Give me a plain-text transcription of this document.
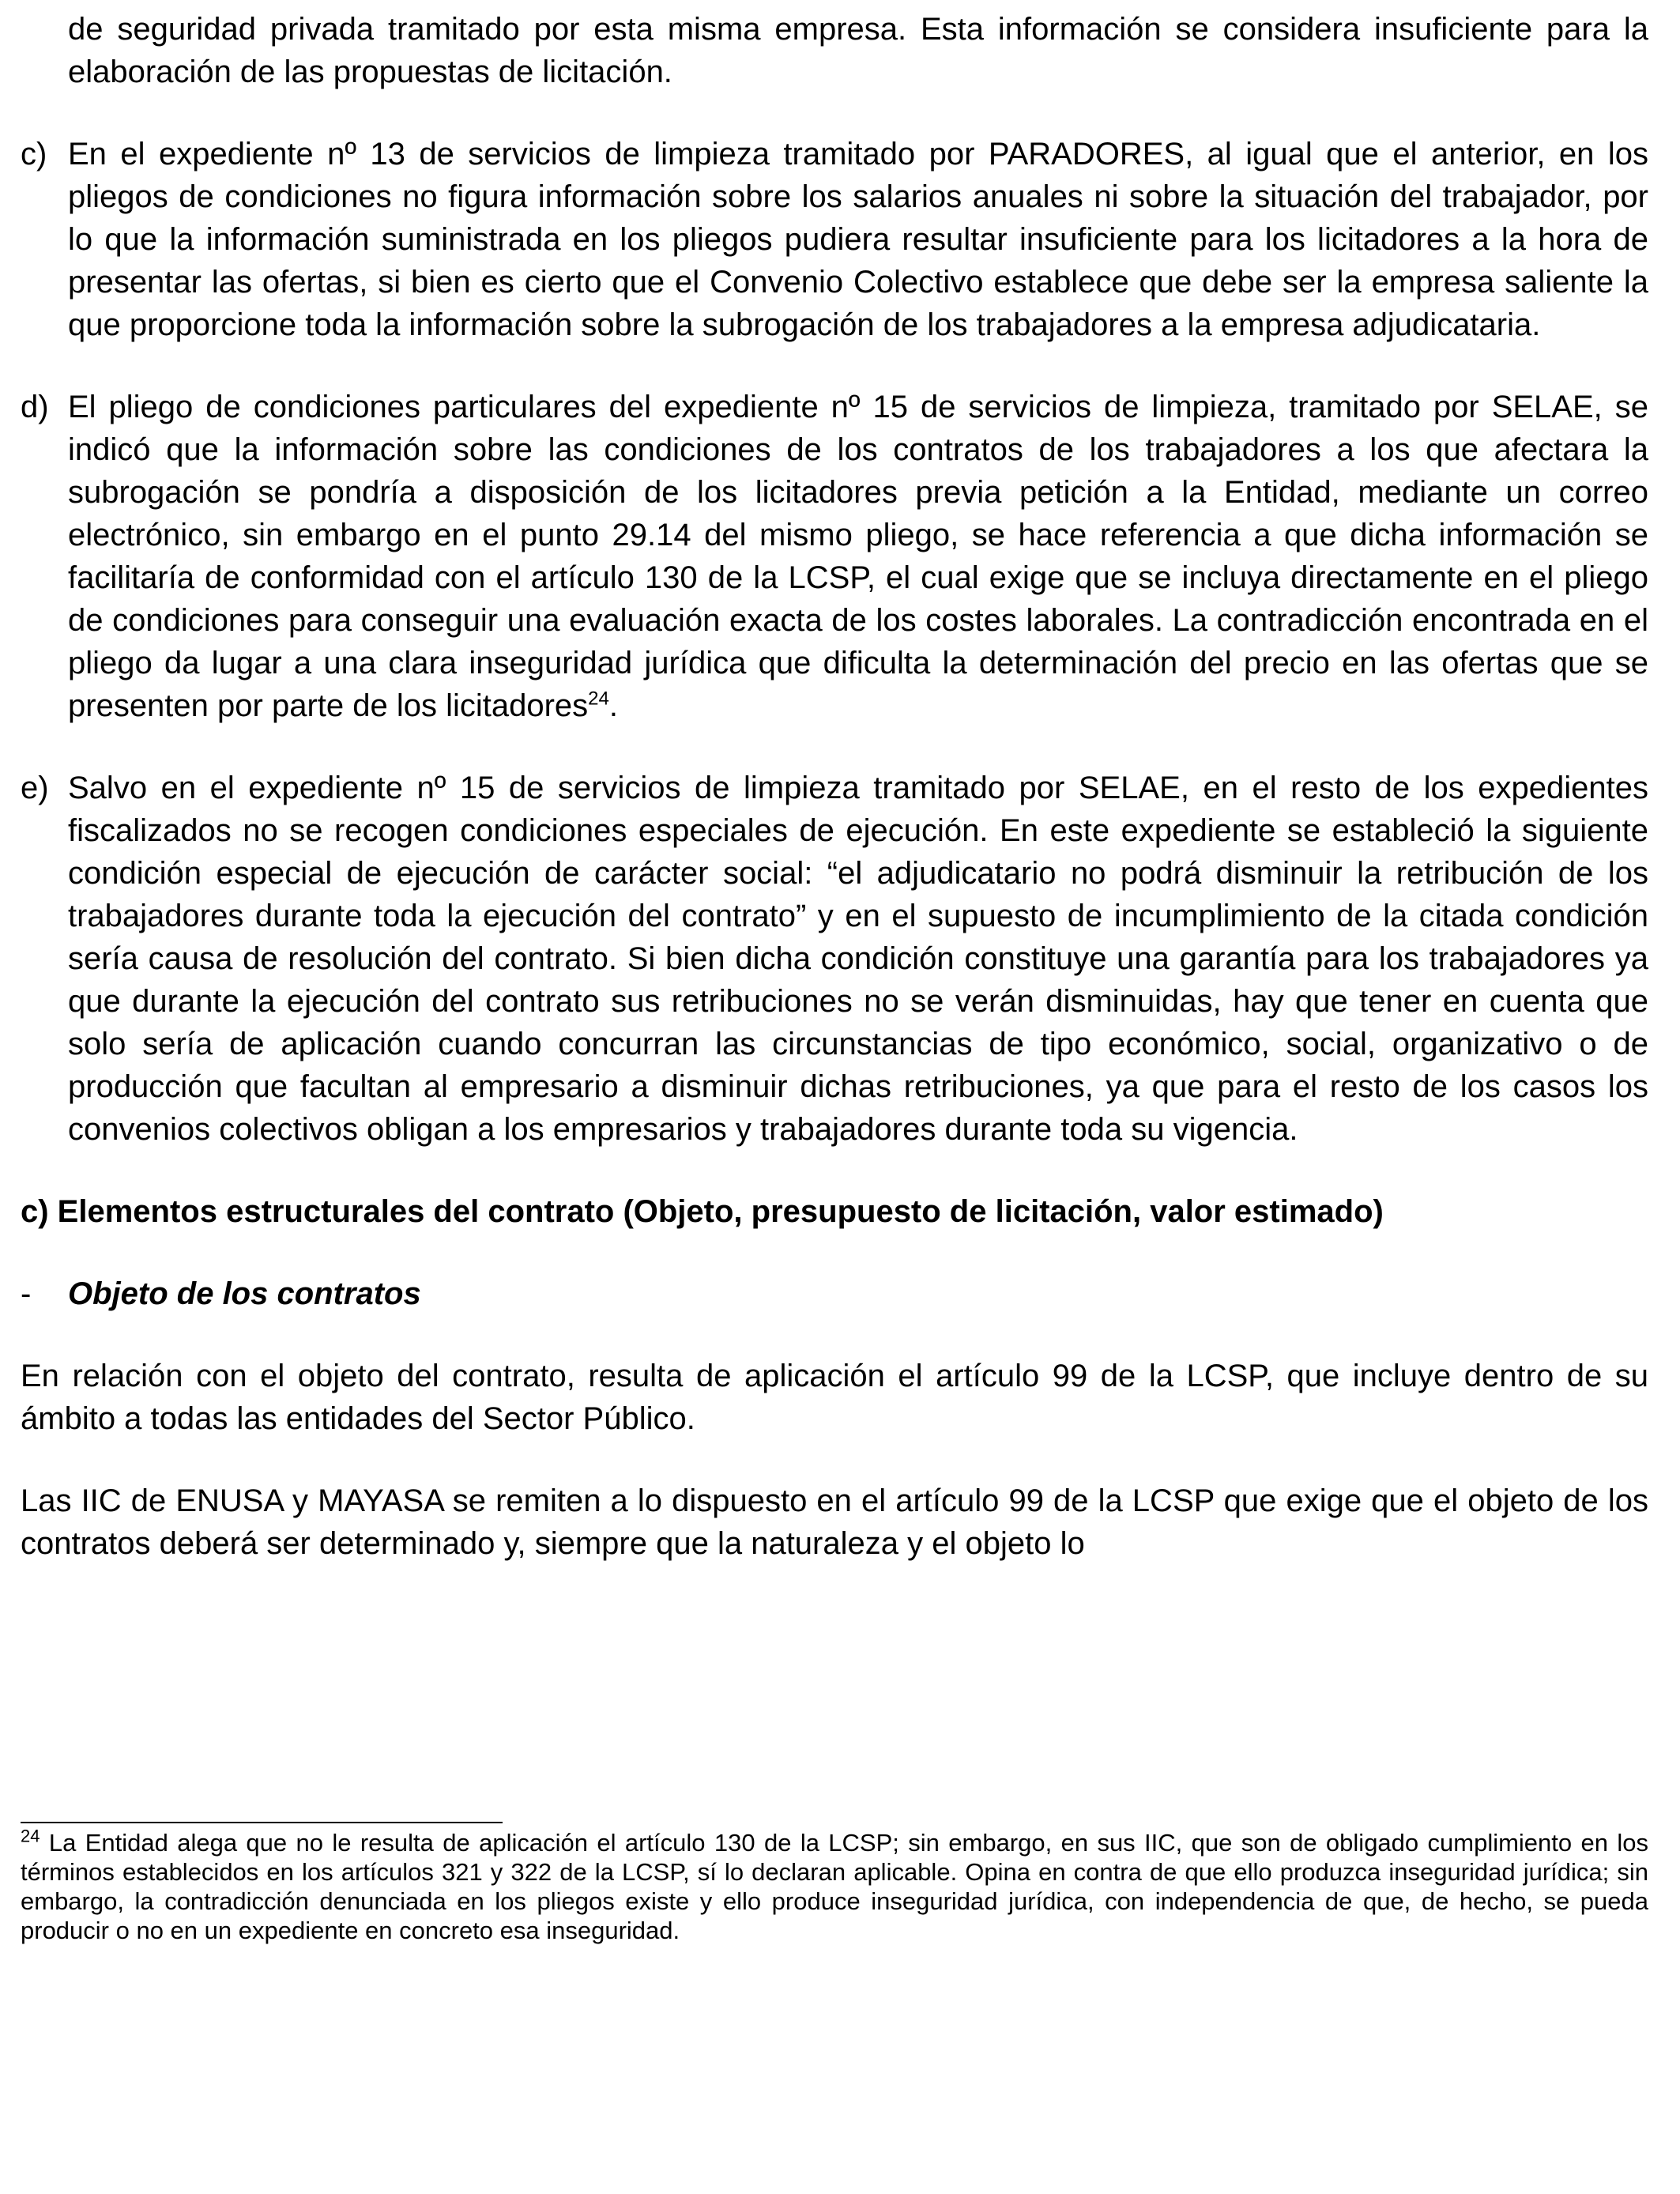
de seguridad privada tramitado por esta misma empresa. Esta información se considera insuficiente para la elaboración de las propuestas de licitación.

c) En el expediente nº 13 de servicios de limpieza tramitado por PARADORES, al igual que el anterior, en los pliegos de condiciones no figura información sobre los salarios anuales ni sobre la situación del trabajador, por lo que la información suministrada en los pliegos pudiera resultar insuficiente para los licitadores a la hora de presentar las ofertas, si bien es cierto que el Convenio Colectivo establece que debe ser la empresa saliente la que proporcione toda la información sobre la subrogación de los trabajadores a la empresa adjudicataria.
d) El pliego de condiciones particulares del expediente nº 15 de servicios de limpieza, tramitado por SELAE, se indicó que la información sobre las condiciones de los contratos de los trabajadores a los que afectara la subrogación se pondría a disposición de los licitadores previa petición a la Entidad, mediante un correo electrónico, sin embargo en el punto 29.14 del mismo pliego, se hace referencia a que dicha información se facilitaría de conformidad con el artículo 130 de la LCSP, el cual exige que se incluya directamente en el pliego de condiciones para conseguir una evaluación exacta de los costes laborales. La contradicción encontrada en el pliego da lugar a una clara inseguridad jurídica que dificulta la determinación del precio en las ofertas que se presenten por parte de los licitadores$^{24}$.
e) Salvo en el expediente nº 15 de servicios de limpieza tramitado por SELAE, en el resto de los expedientes fiscalizados no se recogen condiciones especiales de ejecución. En este expediente se estableció la siguiente condición especial de ejecución de carácter social: “el adjudicatario no podrá disminuir la retribución de los trabajadores durante toda la ejecución del contrato” y en el supuesto de incumplimiento de la citada condición sería causa de resolución del contrato. Si bien dicha condición constituye una garantía para los trabajadores ya que durante la ejecución del contrato sus retribuciones no se verán disminuidas, hay que tener en cuenta que solo sería de aplicación cuando concurran las circunstancias de tipo económico, social, organizativo o de producción que facultan al empresario a disminuir dichas retribuciones, ya que para el resto de los casos los convenios colectivos obligan a los empresarios y trabajadores durante toda su vigencia.
c) Elementos estructurales del contrato (Objeto, presupuesto de licitación, valor estimado)
-	Objeto de los contratos

En relación con el objeto del contrato, resulta de aplicación el artículo 99 de la LCSP, que incluye dentro de su ámbito a todas las entidades del Sector Público.

Las IIC de ENUSA y MAYASA se remiten a lo dispuesto en el artículo 99 de la LCSP que exige que el objeto de los contratos deberá ser determinado y, siempre que la naturaleza y el objeto lo

$^{24}$ La Entidad alega que no le resulta de aplicación el artículo 130 de la LCSP; sin embargo, en sus IIC, que son de obligado cumplimiento en los términos establecidos en los artículos 321 y 322 de la LCSP, sí lo declaran aplicable. Opina en contra de que ello produzca inseguridad jurídica; sin embargo, la contradicción denunciada en los pliegos existe y ello produce inseguridad jurídica, con independencia de que, de hecho, se pueda producir o no en un expediente en concreto esa inseguridad.
